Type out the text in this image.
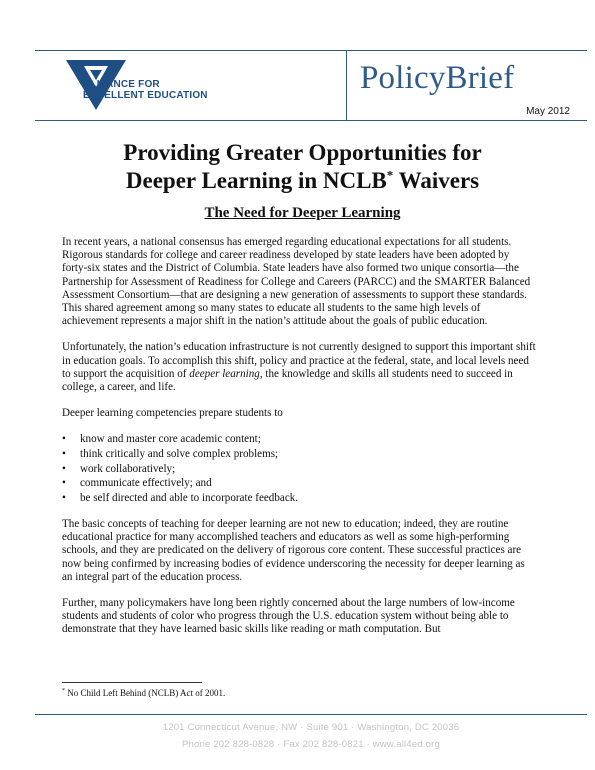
ALLIANCE FOR
EXCELLENT EDUCATION	PolicyBrief
May 2012
Providing Greater Opportunities for
Deeper Learning in NCLB* Waivers
The Need for Deeper Learning

In recent years, a national consensus has emerged regarding educational expectations for all students. Rigorous standards for college and career readiness developed by state leaders have been adopted by forty-six states and the District of Columbia. State leaders have also formed two unique consortia—the Partnership for Assessment of Readiness for College and Careers (PARCC) and the SMARTER Balanced Assessment Consortium—that are designing a new generation of assessments to support these standards. This shared agreement among so many states to educate all students to the same high levels of achievement represents a major shift in the nation’s attitude about the goals of public education.

Unfortunately, the nation’s education infrastructure is not currently designed to support this important shift in education goals. To accomplish this shift, policy and practice at the federal, state, and local levels need to support the acquisition of deeper learning, the knowledge and skills all students need to succeed in college, a career, and life.

Deeper learning competencies prepare students to

• know and master core academic content;
• think critically and solve complex problems;
• work collaboratively;
• communicate effectively; and
• be self directed and able to incorporate feedback.

The basic concepts of teaching for deeper learning are not new to education; indeed, they are routine educational practice for many accomplished teachers and educators as well as some high-performing schools, and they are predicated on the delivery of rigorous core content. These successful practices are now being confirmed by increasing bodies of evidence underscoring the necessity for deeper learning as an integral part of the education process.

Further, many policymakers have long been rightly concerned about the large numbers of low-income students and students of color who progress through the U.S. education system without being able to demonstrate that they have learned basic skills like reading or math computation. But

* No Child Left Behind (NCLB) Act of 2001.
1201 Connecticut Avenue, NW · Suite 901 · Washington, DC 20036
Phone 202 828-0828 · Fax 202 828-0821 · www.all4ed.org
